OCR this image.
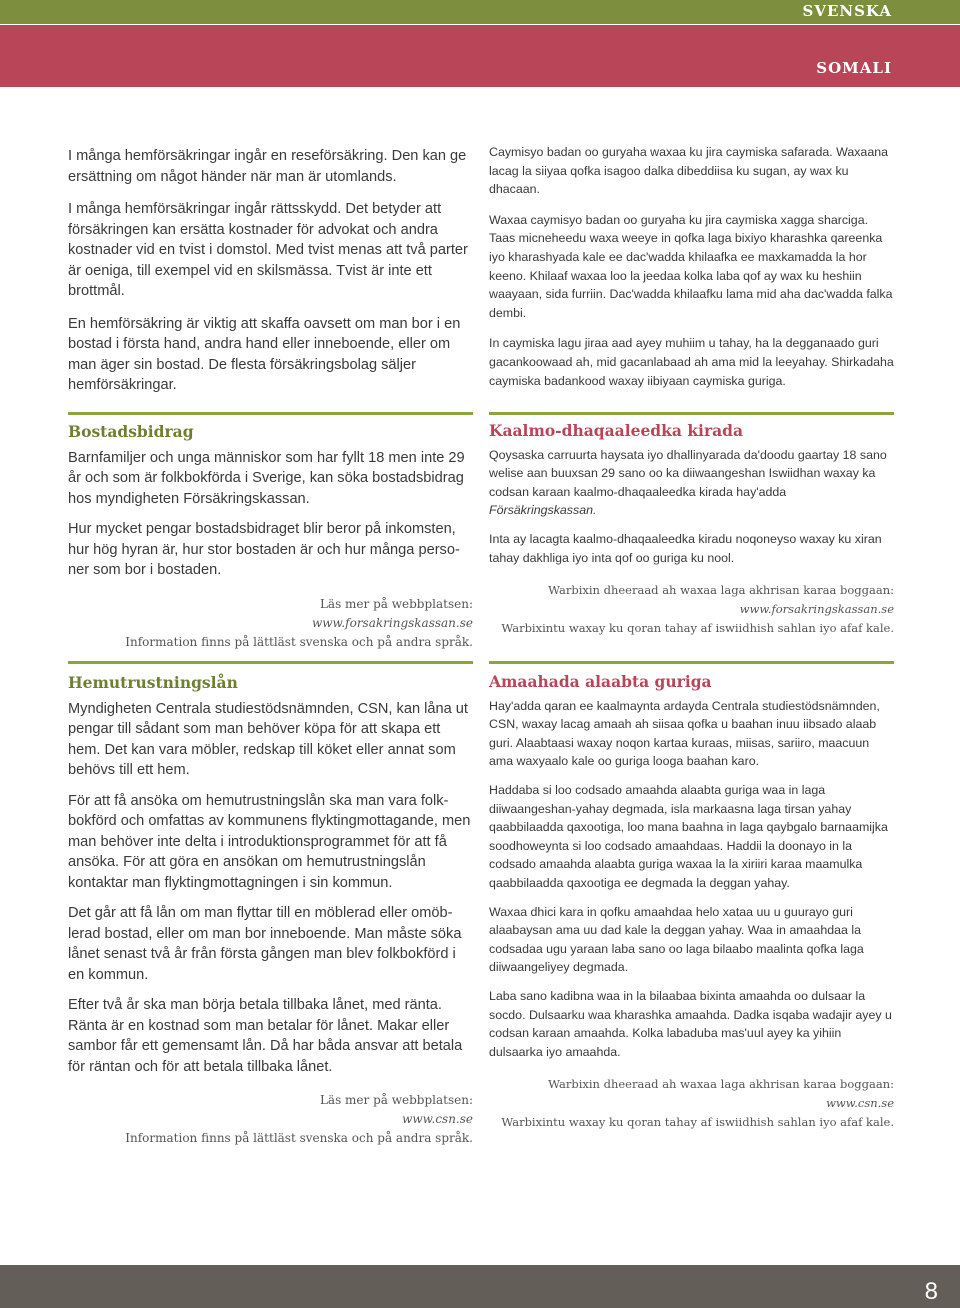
SVENSKA
SOMALI

I många hemförsäkringar ingår en reseförsäkring. Den kan ge ersättning om något händer när man är utomlands.

I många hemförsäkringar ingår rättsskydd. Det betyder att försäkringen kan ersätta kostnader för advokat och andra kostnader vid en tvist i domstol. Med tvist menas att två parter är oeniga, till exempel vid en skilsmässa. Tvist är inte ett brottmål.

En hemförsäkring är viktig att skaffa oavsett om man bor i en bostad i första hand, andra hand eller inneboende, eller om man äger sin bostad. De flesta försäkringsbolag säljer hemförsäkringar.

Caymisyo badan oo guryaha waxaa ku jira caymiska safarada. Waxaana lacag la siiyaa qofka isagoo dalka dibeddiisa ku sugan, ay wax ku dhacaan.

Waxaa caymisyo badan oo guryaha ku jira caymiska xagga sharciga. Taas micneheedu waxa weeye in qofka laga bixiyo kharashka qareenka iyo kharashyada kale ee dac'wadda khilaafka ee maxkamadda la hor keeno. Khilaaf waxaa loo la jeedaa kolka laba qof ay wax ku heshiin waayaan, sida furriin. Dac'wadda khilaafku lama mid aha dac'wadda falka dembi.

In caymiska lagu jiraa aad ayey muhiim u tahay, ha la degganaado guri gacankoowaad ah, mid gacanlabaad ah ama mid la leeyahay. Shirkadaha caymiska badankood waxay iibiyaan caymiska guriga.

Bostadsbidrag

Barnfamiljer och unga människor som har fyllt 18 men inte 29 år och som är folkbokförda i Sverige, kan söka bostadsbidrag hos myndigheten Försäkringskassan.

Hur mycket pengar bostadsbidraget blir beror på inkomsten, hur hög hyran är, hur stor bostaden är och hur många personer som bor i bostaden.

Läs mer på webbplatsen:
www.forsakringskassan.se
Information finns på lättläst svenska och på andra språk.
Kaalmo-dhaqaaleedka kirada

Qoysaska carruurta haysata iyo dhallinyarada da'doodu gaartay 18 sano welise aan buuxsan 29 sano oo ka diiwaangeshan Iswiidhan waxay ka codsan karaan kaalmo-dhaqaaleedka kirada hay'adda Försäkringskassan.

Inta ay lacagta kaalmo-dhaqaaleedka kiradu noqoneyso waxay ku xiran tahay dakhliga iyo inta qof oo guriga ku nool.

Warbixin dheeraad ah waxaa laga akhrisan karaa boggaan:
www.forsakringskassan.se
Warbixintu waxay ku qoran tahay af iswiidhish sahlan iyo afaf kale.
Hemutrustningslån

Myndigheten Centrala studiestödsnämnden, CSN, kan låna ut pengar till sådant som man behöver köpa för att skapa ett hem. Det kan vara möbler, redskap till köket eller annat som behövs till ett hem.

För att få ansöka om hemutrustningslån ska man vara folkbokförd och omfattas av kommunens flyktingmottagande, men man behöver inte delta i introduktionsprogrammet för att få ansöka. För att göra en ansökan om hemutrustningslån kontaktar man flyktingmottagningen i sin kommun.

Det går att få lån om man flyttar till en möblerad eller omöblerad bostad, eller om man bor inneboende. Man måste söka lånet senast två år från första gången man blev folkbokförd i en kommun.

Efter två år ska man börja betala tillbaka lånet, med ränta. Ränta är en kostnad som man betalar för lånet. Makar eller sambor får ett gemensamt lån. Då har båda ansvar att betala för räntan och för att betala tillbaka lånet.

Läs mer på webbplatsen:
www.csn.se
Information finns på lättläst svenska och på andra språk.
Amaahada alaabta guriga

Hay'adda qaran ee kaalmaynta ardayda Centrala studiestödsnämnden, CSN, waxay lacag amaah ah siisaa qofka u baahan inuu iibsado alaab guri. Alaabtaasi waxay noqon kartaa kuraas, miisas, sariiro, maacuun ama waxyaalo kale oo guriga looga baahan karo.

Haddaba si loo codsado amaahda alaabta guriga waa in laga diiwaangeshan-yahay degmada, isla markaasna laga tirsan yahay qaabbilaadda qaxootiga, loo mana baahna in laga qaybgalo barnaamijka soodhoweynta si loo codsado amaahdaas. Haddii la doonayo in la codsado amaahda alaabta guriga waxaa la la xiriiri karaa maamulka qaabbilaadda qaxootiga ee degmada la deggan yahay.

Waxaa dhici kara in qofku amaahdaa helo xataa uu u guurayo guri alaabaysan ama uu dad kale la deggan yahay. Waa in amaahdaa la codsadaa ugu yaraan laba sano oo laga bilaabo maalinta qofka laga diiwaangeliyey degmada.

Laba sano kadibna waa in la bilaabaa bixinta amaahda oo dulsaar la socdo. Dulsaarku waa kharashka amaahda. Dadka isqaba wadajir ayey u codsan karaan amaahda. Kolka labaduba mas'uul ayey ka yihiin dulsaarka iyo amaahda.

Warbixin dheeraad ah waxaa laga akhrisan karaa boggaan:
www.csn.se
Warbixintu waxay ku qoran tahay af iswiidhish sahlan iyo afaf kale.
8
